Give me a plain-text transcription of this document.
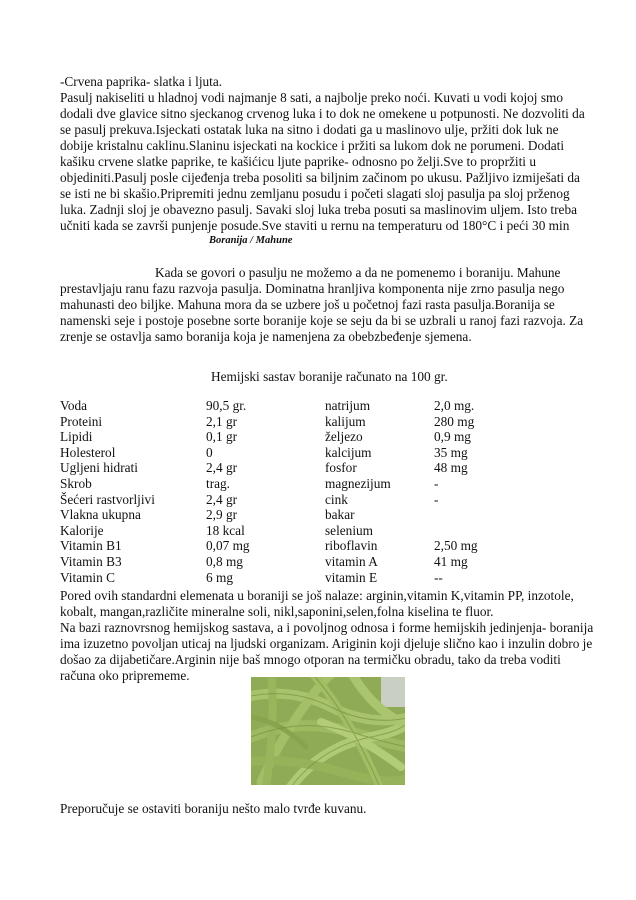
-Crvena paprika- slatka i ljuta.
Pasulj nakiseliti u hladnoj vodi najmanje 8 sati, a najbolje preko noći. Kuvati u vodi kojoj smo
dodali dve glavice sitno sjeckanog crvenog luka i to dok ne omekene u potpunosti. Ne dozvoliti da
se pasulj prekuva.Isjeckati ostatak luka na sitno i dodati ga u maslinovo ulje, pržiti dok luk ne
dobije kristalnu caklinu.Slaninu isjeckati na kockice i pržiti sa lukom dok ne porumeni. Dodati
kašiku crvene slatke paprike, te kašićicu ljute paprike- odnosno po želji.Sve to propržiti u
objediniti.Pasulj posle cijeđenja treba posoliti sa biljnim začinom po ukusu. Pažljivo izmiješati da
se isti ne bi skašio.Pripremiti jednu zemljanu posudu i početi slagati sloj pasulja pa sloj prženog
luka. Zadnji sloj je obavezno pasulj. Savaki sloj luka treba posuti sa maslinovim uljem. Isto treba
učniti kada se završi punjenje posude.Sve staviti u rernu na temperaturu od 180°C i peći 30 min
Boranija / Mahune
Kada se govori o pasulju ne možemo a da ne pomenemo i boraniju. Mahune
prestavljaju ranu fazu razvoja pasulja. Dominatna hranljiva komponenta nije zrno pasulja nego
mahunasti deo biljke. Mahuna mora da se uzbere još u početnoj fazi rasta pasulja.Boranija se
namenski seje i postoje posebne sorte boranije koje se seju da bi se uzbrali u ranoj fazi razvoja. Za
zrenje se ostavlja samo boranija koja je namenjena za obebzbeđenje sjemena.
Hemijski sastav boranije računato na 100 gr.
Voda	90,5 gr.	natrijum	2,0 mg.
Proteini	2,1 gr	kalijum	280 mg
Lipidi	0,1 gr	željezo	0,9 mg
Holesterol	0	kalcijum	35 mg
Ugljeni hidrati	2,4 gr	fosfor	48 mg
Skrob	trag.	magnezijum	-
Šećeri rastvorljivi	2,4 gr	cink	-
Vlakna ukupna	2,9 gr	bakar
Kalorije	18 kcal	selenium
Vitamin B1	0,07 mg	riboflavin	2,50 mg
Vitamin B3	0,8 mg	vitamin A	41 mg
Vitamin C	6 mg	vitamin E	--
Pored ovih standardni elemenata u boraniji se još nalaze: arginin,vitamin K,vitamin PP, inzotole,
kobalt, mangan,različite mineralne soli, nikl,saponini,selen,folna kiselina te fluor.
Na bazi raznovrsnog hemijskog sastava, a i povoljnog odnosa i forme hemijskih jedinjenja- boranija
ima izuzetno povoljan uticaj na ljudski organizam. Ariginin koji djeluje slično kao i inzulin dobro je
došao za dijabetičare.Arginin nije baš mnogo otporan na termičku obradu, tako da treba voditi
računa oko priprememe.
Preporučuje se ostaviti boraniju nešto malo tvrđe kuvanu.
